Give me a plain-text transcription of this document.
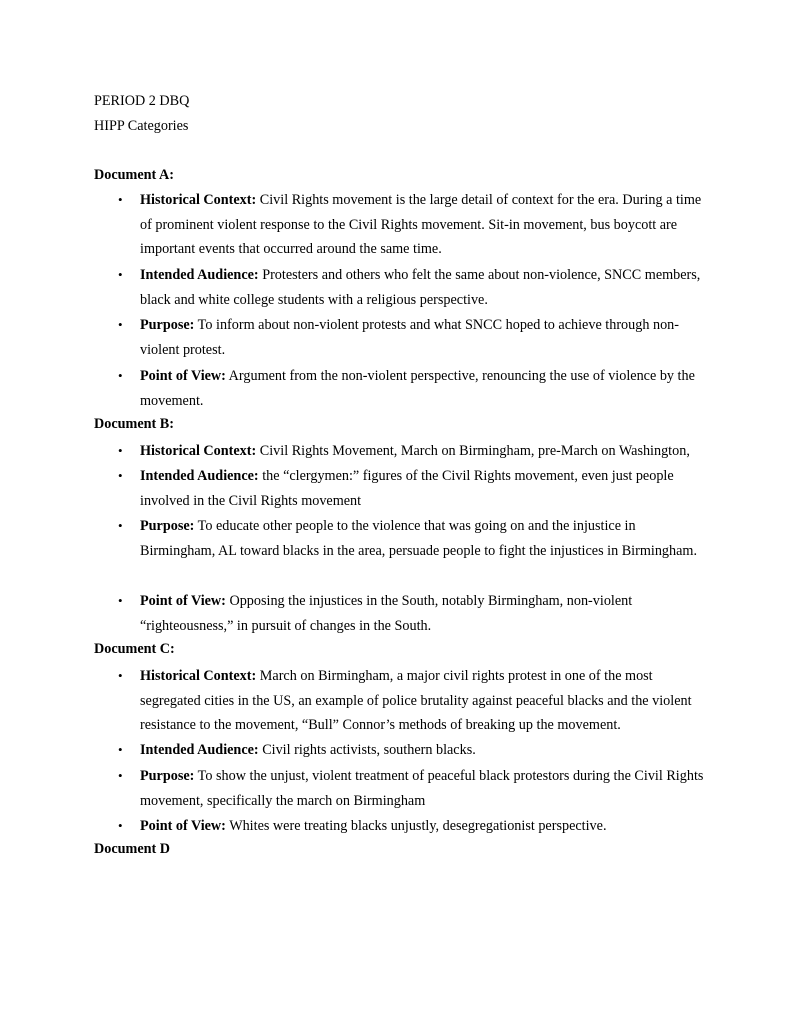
PERIOD 2 DBQ
HIPP Categories
Document A:
• Historical Context: Civil Rights movement is the large detail of context for the era. During a time of prominent violent response to the Civil Rights movement. Sit-in movement, bus boycott are important events that occurred around the same time.
• Intended Audience: Protesters and others who felt the same about non-violence, SNCC members, black and white college students with a religious perspective.
• Purpose: To inform about non-violent protests and what SNCC hoped to achieve through non-violent protest.
• Point of View: Argument from the non-violent perspective, renouncing the use of violence by the movement.
Document B:
• Historical Context: Civil Rights Movement, March on Birmingham, pre-March on Washington,
• Intended Audience: the “clergymen:” figures of the Civil Rights movement, even just people involved in the Civil Rights movement
• Purpose: To educate other people to the violence that was going on and the injustice in Birmingham, AL toward blacks in the area, persuade people to fight the injustices in Birmingham.
• Point of View: Opposing the injustices in the South, notably Birmingham, non-violent “righteousness,” in pursuit of changes in the South.
Document C:
• Historical Context: March on Birmingham, a major civil rights protest in one of the most segregated cities in the US, an example of police brutality against peaceful blacks and the violent resistance to the movement, “Bull” Connor’s methods of breaking up the movement.
• Intended Audience: Civil rights activists, southern blacks.
• Purpose: To show the unjust, violent treatment of peaceful black protestors during the Civil Rights movement, specifically the march on Birmingham
• Point of View: Whites were treating blacks unjustly, desegregationist perspective.
Document D
